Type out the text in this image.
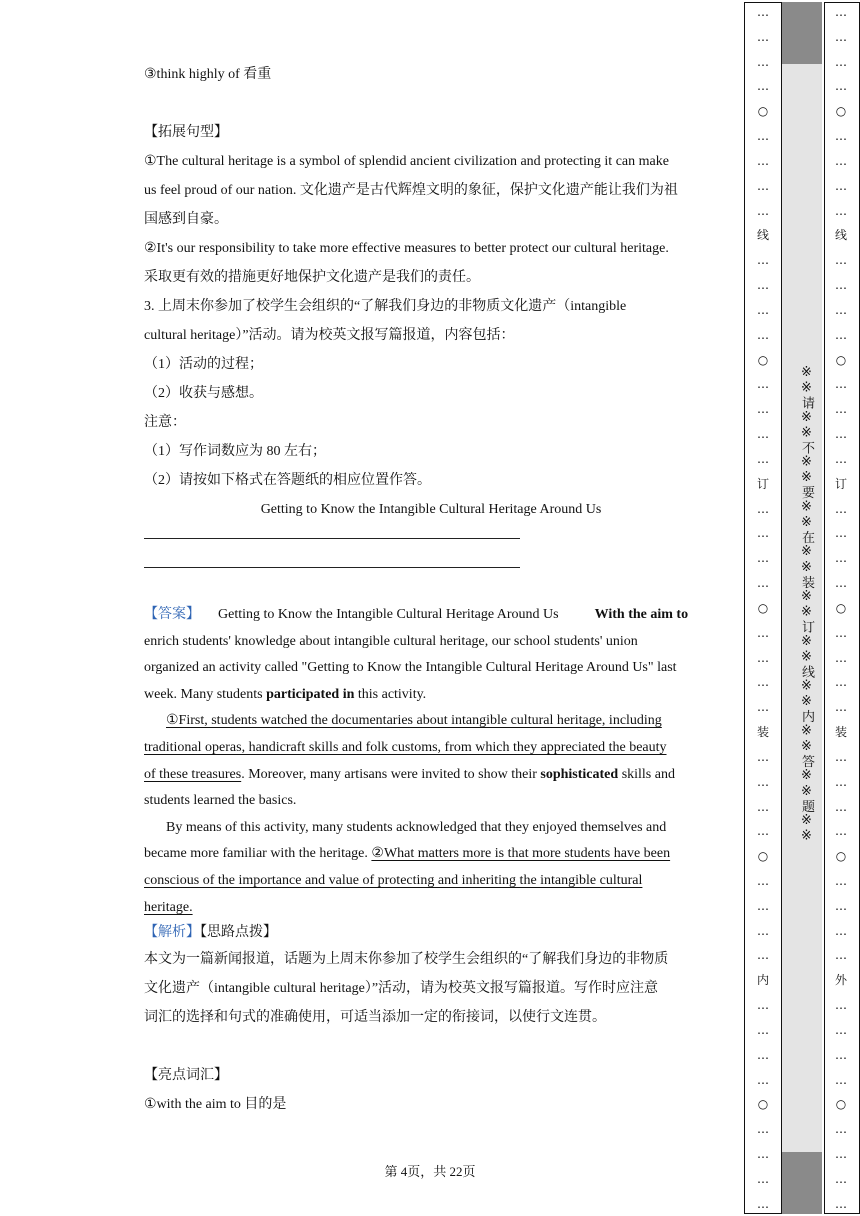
③think highly of 看重

【拓展句型】

①The cultural heritage is a symbol of splendid ancient civilization and protecting it can make

us feel proud of our nation. 文化遗产是古代辉煌文明的象征，保护文化遗产能让我们为祖

国感到自豪。

②It's our responsibility to take more effective measures to better protect our cultural heritage.

采取更有效的措施更好地保护文化遗产是我们的责任。

3. 上周末你参加了校学生会组织的“了解我们身边的非物质文化遗产（intangible

cultural heritage）”活动。请为校英文报写篇报道，内容包括：

（1）活动的过程；

（2）收获与感想。

注意：

（1）写作词数应为 80 左右；

（2）请按如下格式在答题纸的相应位置作答。

Getting to Know the Intangible Cultural Heritage Around Us

【答案】 Getting to Know the Intangible Cultural Heritage Around Us	With the aim to

enrich students' knowledge about intangible cultural heritage, our school students' union

organized an activity called "Getting to Know the Intangible Cultural Heritage Around Us" last

week. Many students participated in this activity.

①First, students watched the documentaries about intangible cultural heritage, including

traditional operas, handicraft skills and folk customs, from which they appreciated the beauty

of these treasures. Moreover, many artisans were invited to show their sophisticated skills and

students learned the basics.

By means of this activity, many students acknowledged that they enjoyed themselves and

became more familiar with the heritage. ②What matters more is that more students have been

conscious of the importance and value of protecting and inheriting the intangible cultural

heritage.

【解析】【思路点拨】

本文为一篇新闻报道，话题为上周末你参加了校学生会组织的“了解我们身边的非物质

文化遗产（intangible cultural heritage）”活动，请为校英文报写篇报道。写作时应注意

词汇的选择和句式的准确使用，可适当添加一定的衔接词，以使行文连贯。

【亮点词汇】

①with the aim to 目的是

第 4页，共 22页
…
…
…
…
○
…
…
…
…
线
…
…
…
…
○
…
…
…
…
订
…
…
…
…
○
…
…
…
…
装
…
…
…
…
○
…
…
…
…
内
…
…
…
…
○
…
…
…
…
…
…
…
…
○
…
…
…
…
线
…
…
…
…
○
…
…
…
…
订
…
…
…
…
○
…
…
…
…
装
…
…
…
…
○
…
…
…
…
外
…
…
…
…
○
…
…
…
…
※※请※※不※※要※※在※※装※※订※※线※※内※※答※※题※※
